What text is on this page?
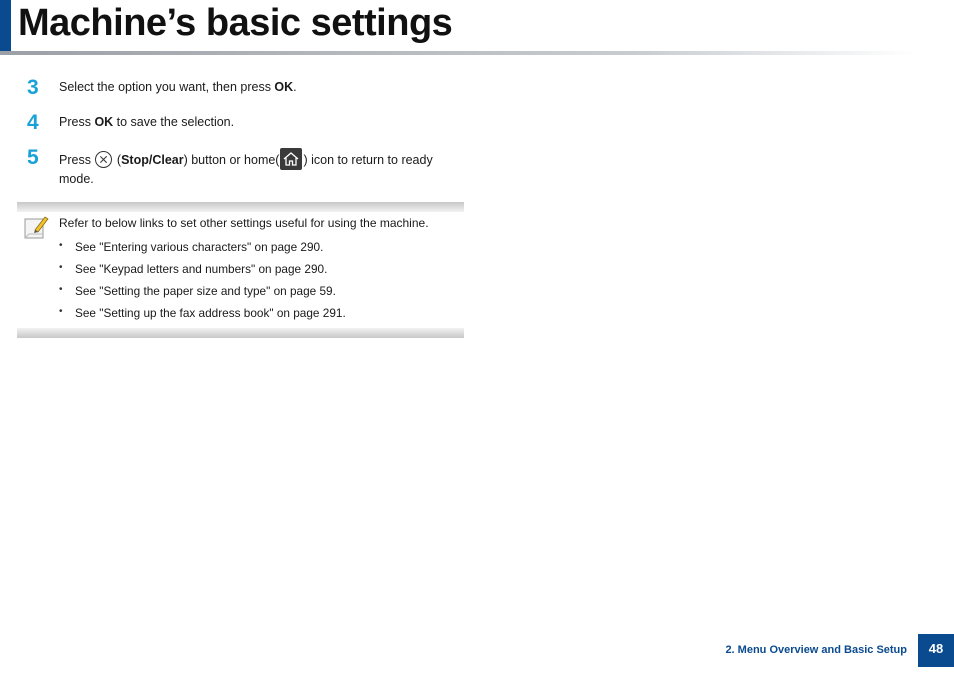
Machine’s basic settings
3 Select the option you want, then press OK.
4 Press OK to save the selection.
5 Press  (Stop/Clear) button or home( ) icon to return to ready mode.
Refer to below links to set other settings useful for using the machine.
• See "Entering various characters" on page 290.
• See "Keypad letters and numbers" on page 290.
• See "Setting the paper size and type" on page 59.
• See "Setting up the fax address book" on page 291.
2. Menu Overview and Basic Setup	48
